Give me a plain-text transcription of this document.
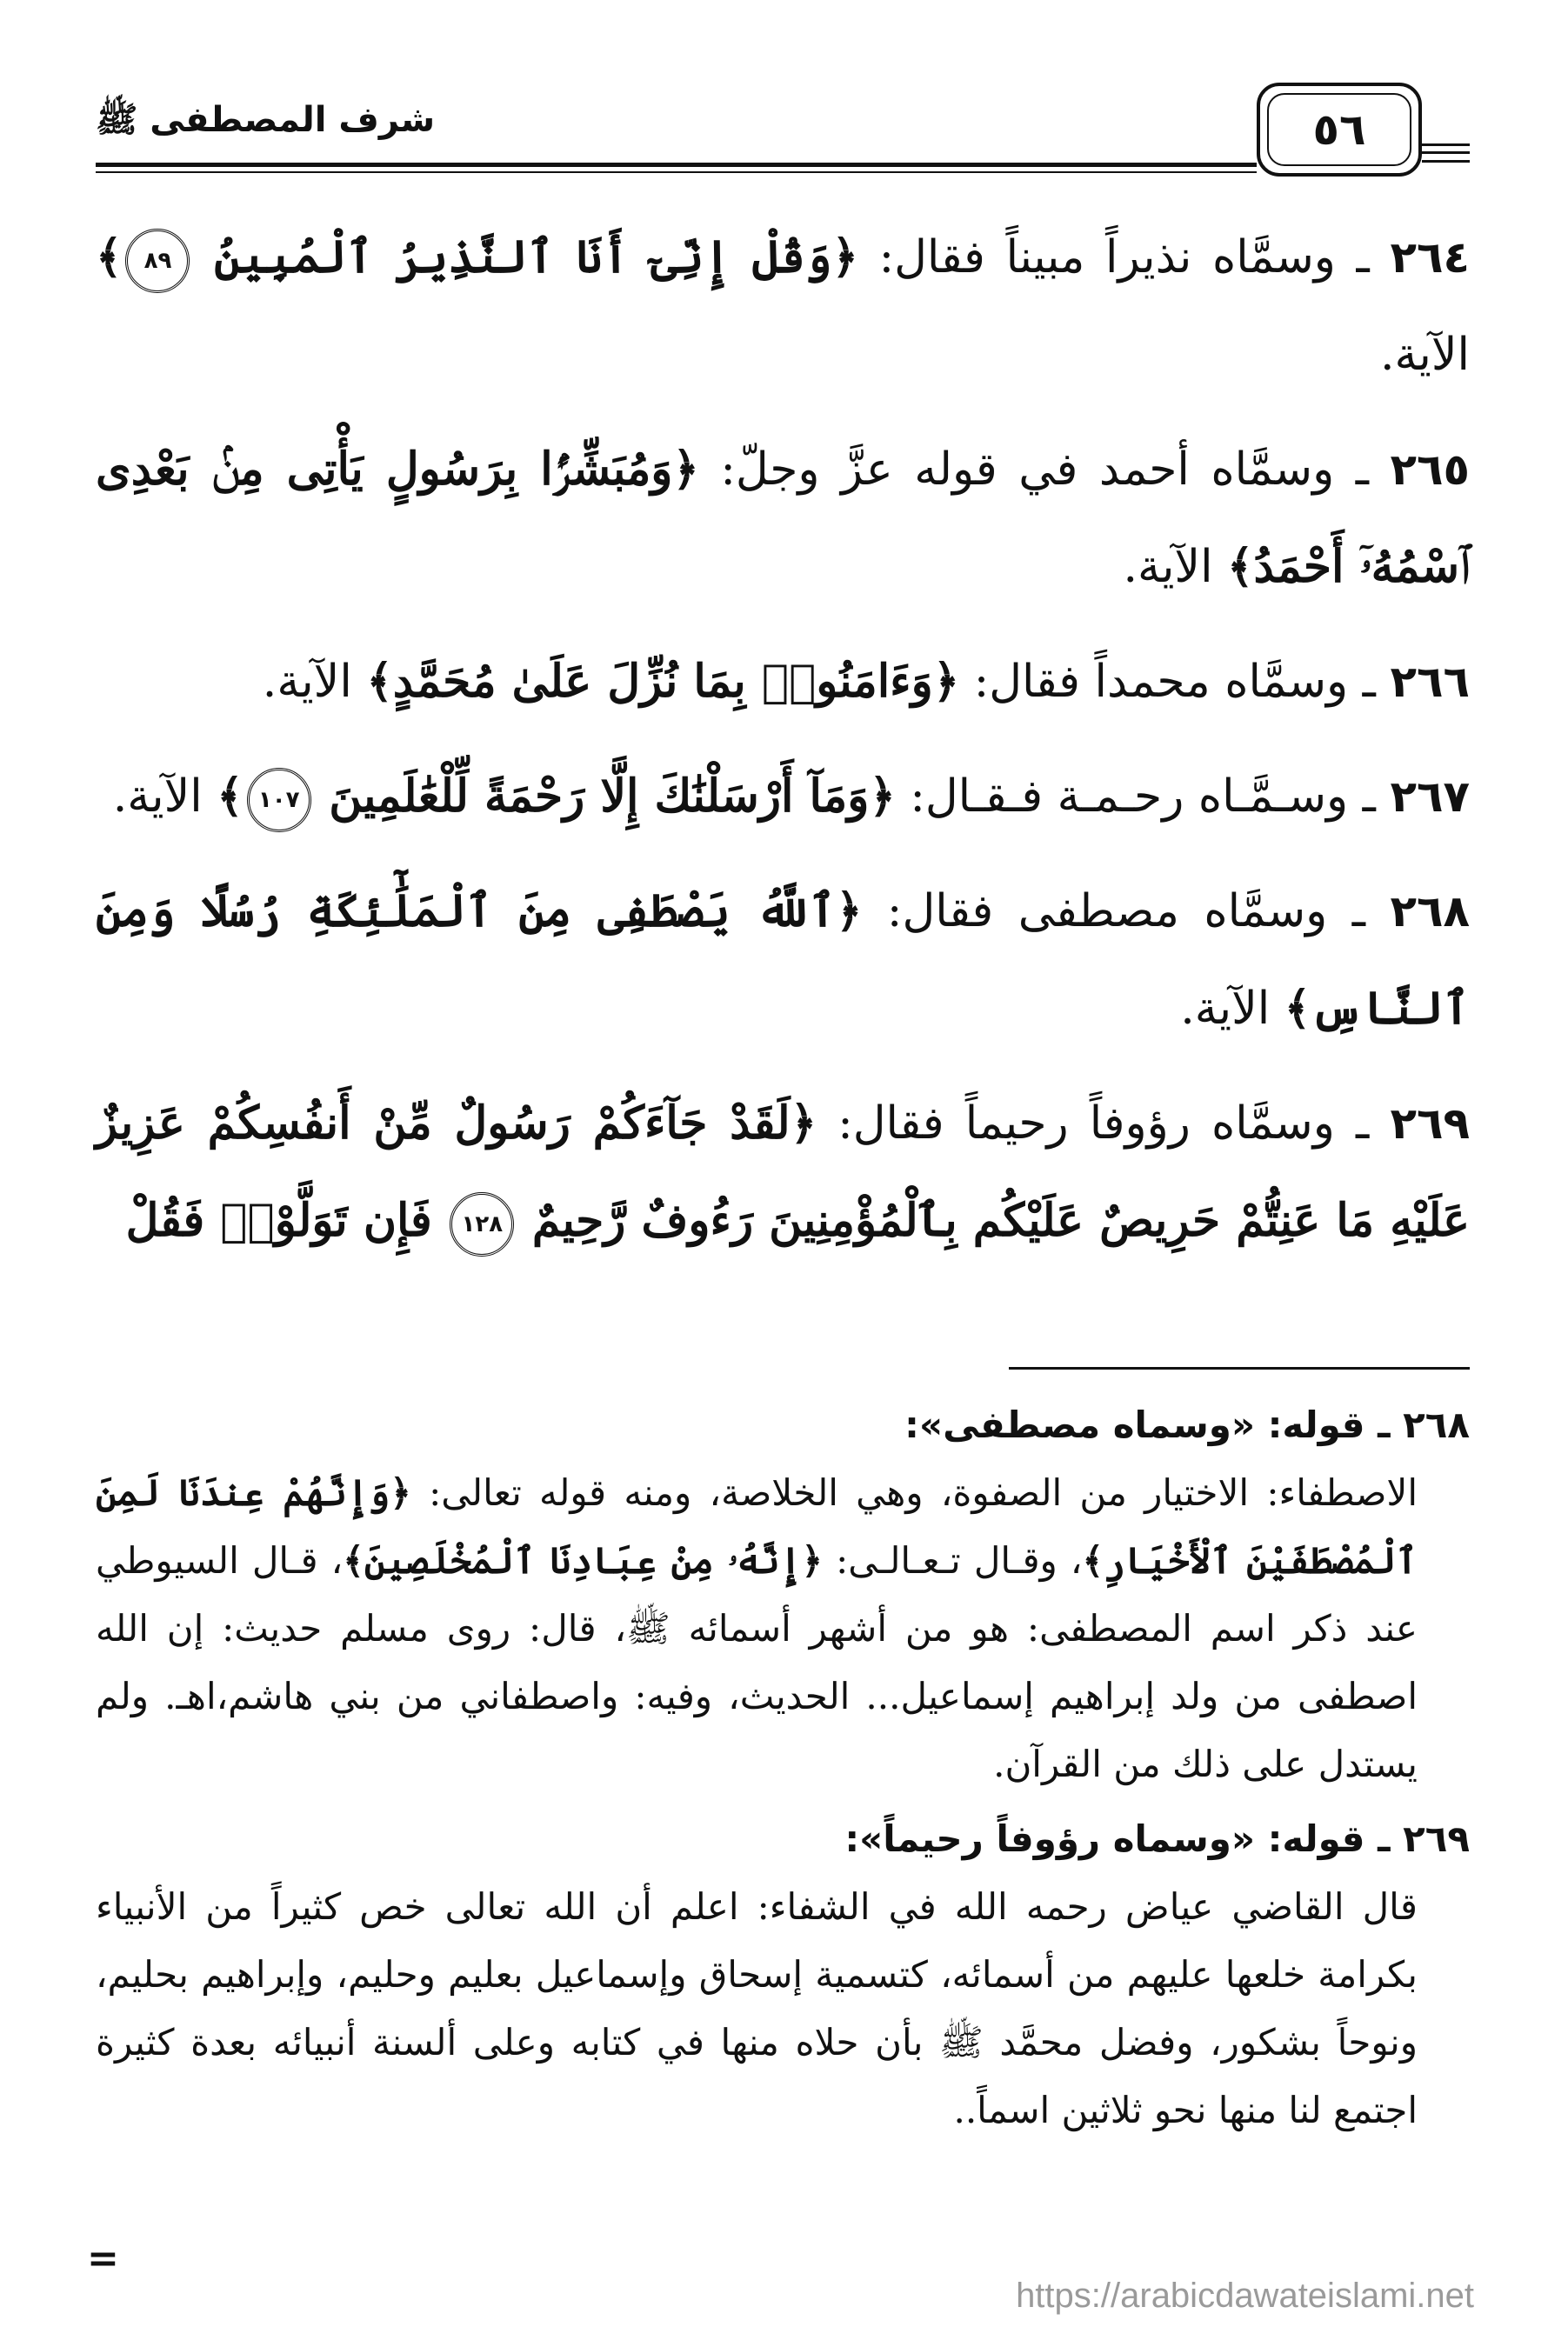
شرف المصطفى ﷺ	٥٦

٢٦٤ ـ وسمَّاه نذيراً مبيناً فقال: ﴿وَقُلْ إِنِّىٓ أَنَا ٱلنَّذِيرُ ٱلْمُبِينُ ٨٩﴾ الآية.

٢٦٥ ـ وسمَّاه أحمد في قوله عزَّ وجلّ: ﴿وَمُبَشِّرًۢا بِرَسُولٍ يَأْتِى مِنۢ بَعْدِى ٱسْمُهُۥٓ أَحْمَدُ﴾ الآية.

٢٦٦ ـ وسمَّاه محمداً فقال: ﴿وَءَامَنُوا۟ بِمَا نُزِّلَ عَلَىٰ مُحَمَّدٍ﴾ الآية.

٢٦٧ ـ وسـمَّـاه رحـمـة فـقـال: ﴿وَمَآ أَرْسَلْنَٰكَ إِلَّا رَحْمَةً لِّلْعَٰلَمِينَ ١٠٧﴾ الآية.

٢٦٨ ـ وسمَّاه مصطفى فقال: ﴿ٱللَّهُ يَصْطَفِى مِنَ ٱلْمَلَٰٓئِكَةِ رُسُلًا وَمِنَ ٱلنَّاسِ﴾ الآية.

٢٦٩ ـ وسمَّاه رؤوفاً رحيماً فقال: ﴿لَقَدْ جَآءَكُمْ رَسُولٌ مِّنْ أَنفُسِكُمْ عَزِيزٌ عَلَيْهِ مَا عَنِتُّمْ حَرِيصٌ عَلَيْكُم بِٱلْمُؤْمِنِينَ رَءُوفٌ رَّحِيمٌ ١٢٨ فَإِن تَوَلَّوْا۟ فَقُلْ

٢٦٨ ـ قوله: «وسماه مصطفى»:

الاصطفاء: الاختيار من الصفوة، وهي الخلاصة، ومنه قوله تعالى: ﴿وَإِنَّهُمْ عِندَنَا لَمِنَ ٱلْمُصْطَفَيْنَ ٱلْأَخْيَارِ﴾، وقـال تـعـالـى: ﴿إِنَّهُۥ مِنْ عِبَادِنَا ٱلْمُخْلَصِينَ﴾، قـال السيوطي عند ذكر اسم المصطفى: هو من أشهر أسمائه ﷺ، قال: روى مسلم حديث: إن الله اصطفى من ولد إبراهيم إسماعيل... الحديث، وفيه: واصطفاني من بني هاشم،اهـ. ولم يستدل على ذلك من القرآن.

٢٦٩ ـ قوله: «وسماه رؤوفاً رحيماً»:

قال القاضي عياض رحمه الله في الشفاء: اعلم أن الله تعالى خص كثيراً من الأنبياء بكرامة خلعها عليهم من أسمائه، كتسمية إسحاق وإسماعيل بعليم وحليم، وإبراهيم بحليم، ونوحاً بشكور، وفضل محمَّد ﷺ بأن حلاه منها في كتابه وعلى ألسنة أنبيائه بعدة كثيرة اجتمع لنا منها نحو ثلاثين اسماً..

=
https://arabicdawateislami.net
